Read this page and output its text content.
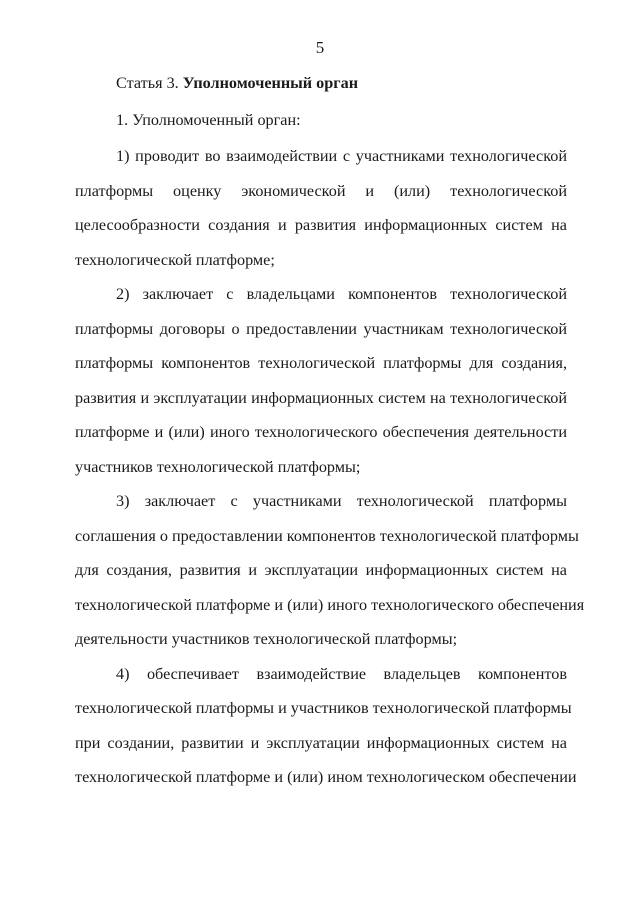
5
Статья 3. Уполномоченный орган
1. Уполномоченный орган:
1) проводит во взаимодействии с участниками технологической
платформы оценку экономической и (или) технологической
целесообразности создания и развития информационных систем на
технологической платформе;
2) заключает с владельцами компонентов технологической
платформы договоры о предоставлении участникам технологической
платформы компонентов технологической платформы для создания,
развития и эксплуатации информационных систем на технологической
платформе и (или) иного технологического обеспечения деятельности
участников технологической платформы;
3) заключает с участниками технологической платформы
соглашения о предоставлении компонентов технологической платформы
для создания, развития и эксплуатации информационных систем на
технологической платформе и (или) иного технологического обеспечения
деятельности участников технологической платформы;
4) обеспечивает взаимодействие владельцев компонентов
технологической платформы и участников технологической платформы
при создании, развитии и эксплуатации информационных систем на
технологической платформе и (или) ином технологическом обеспечении
